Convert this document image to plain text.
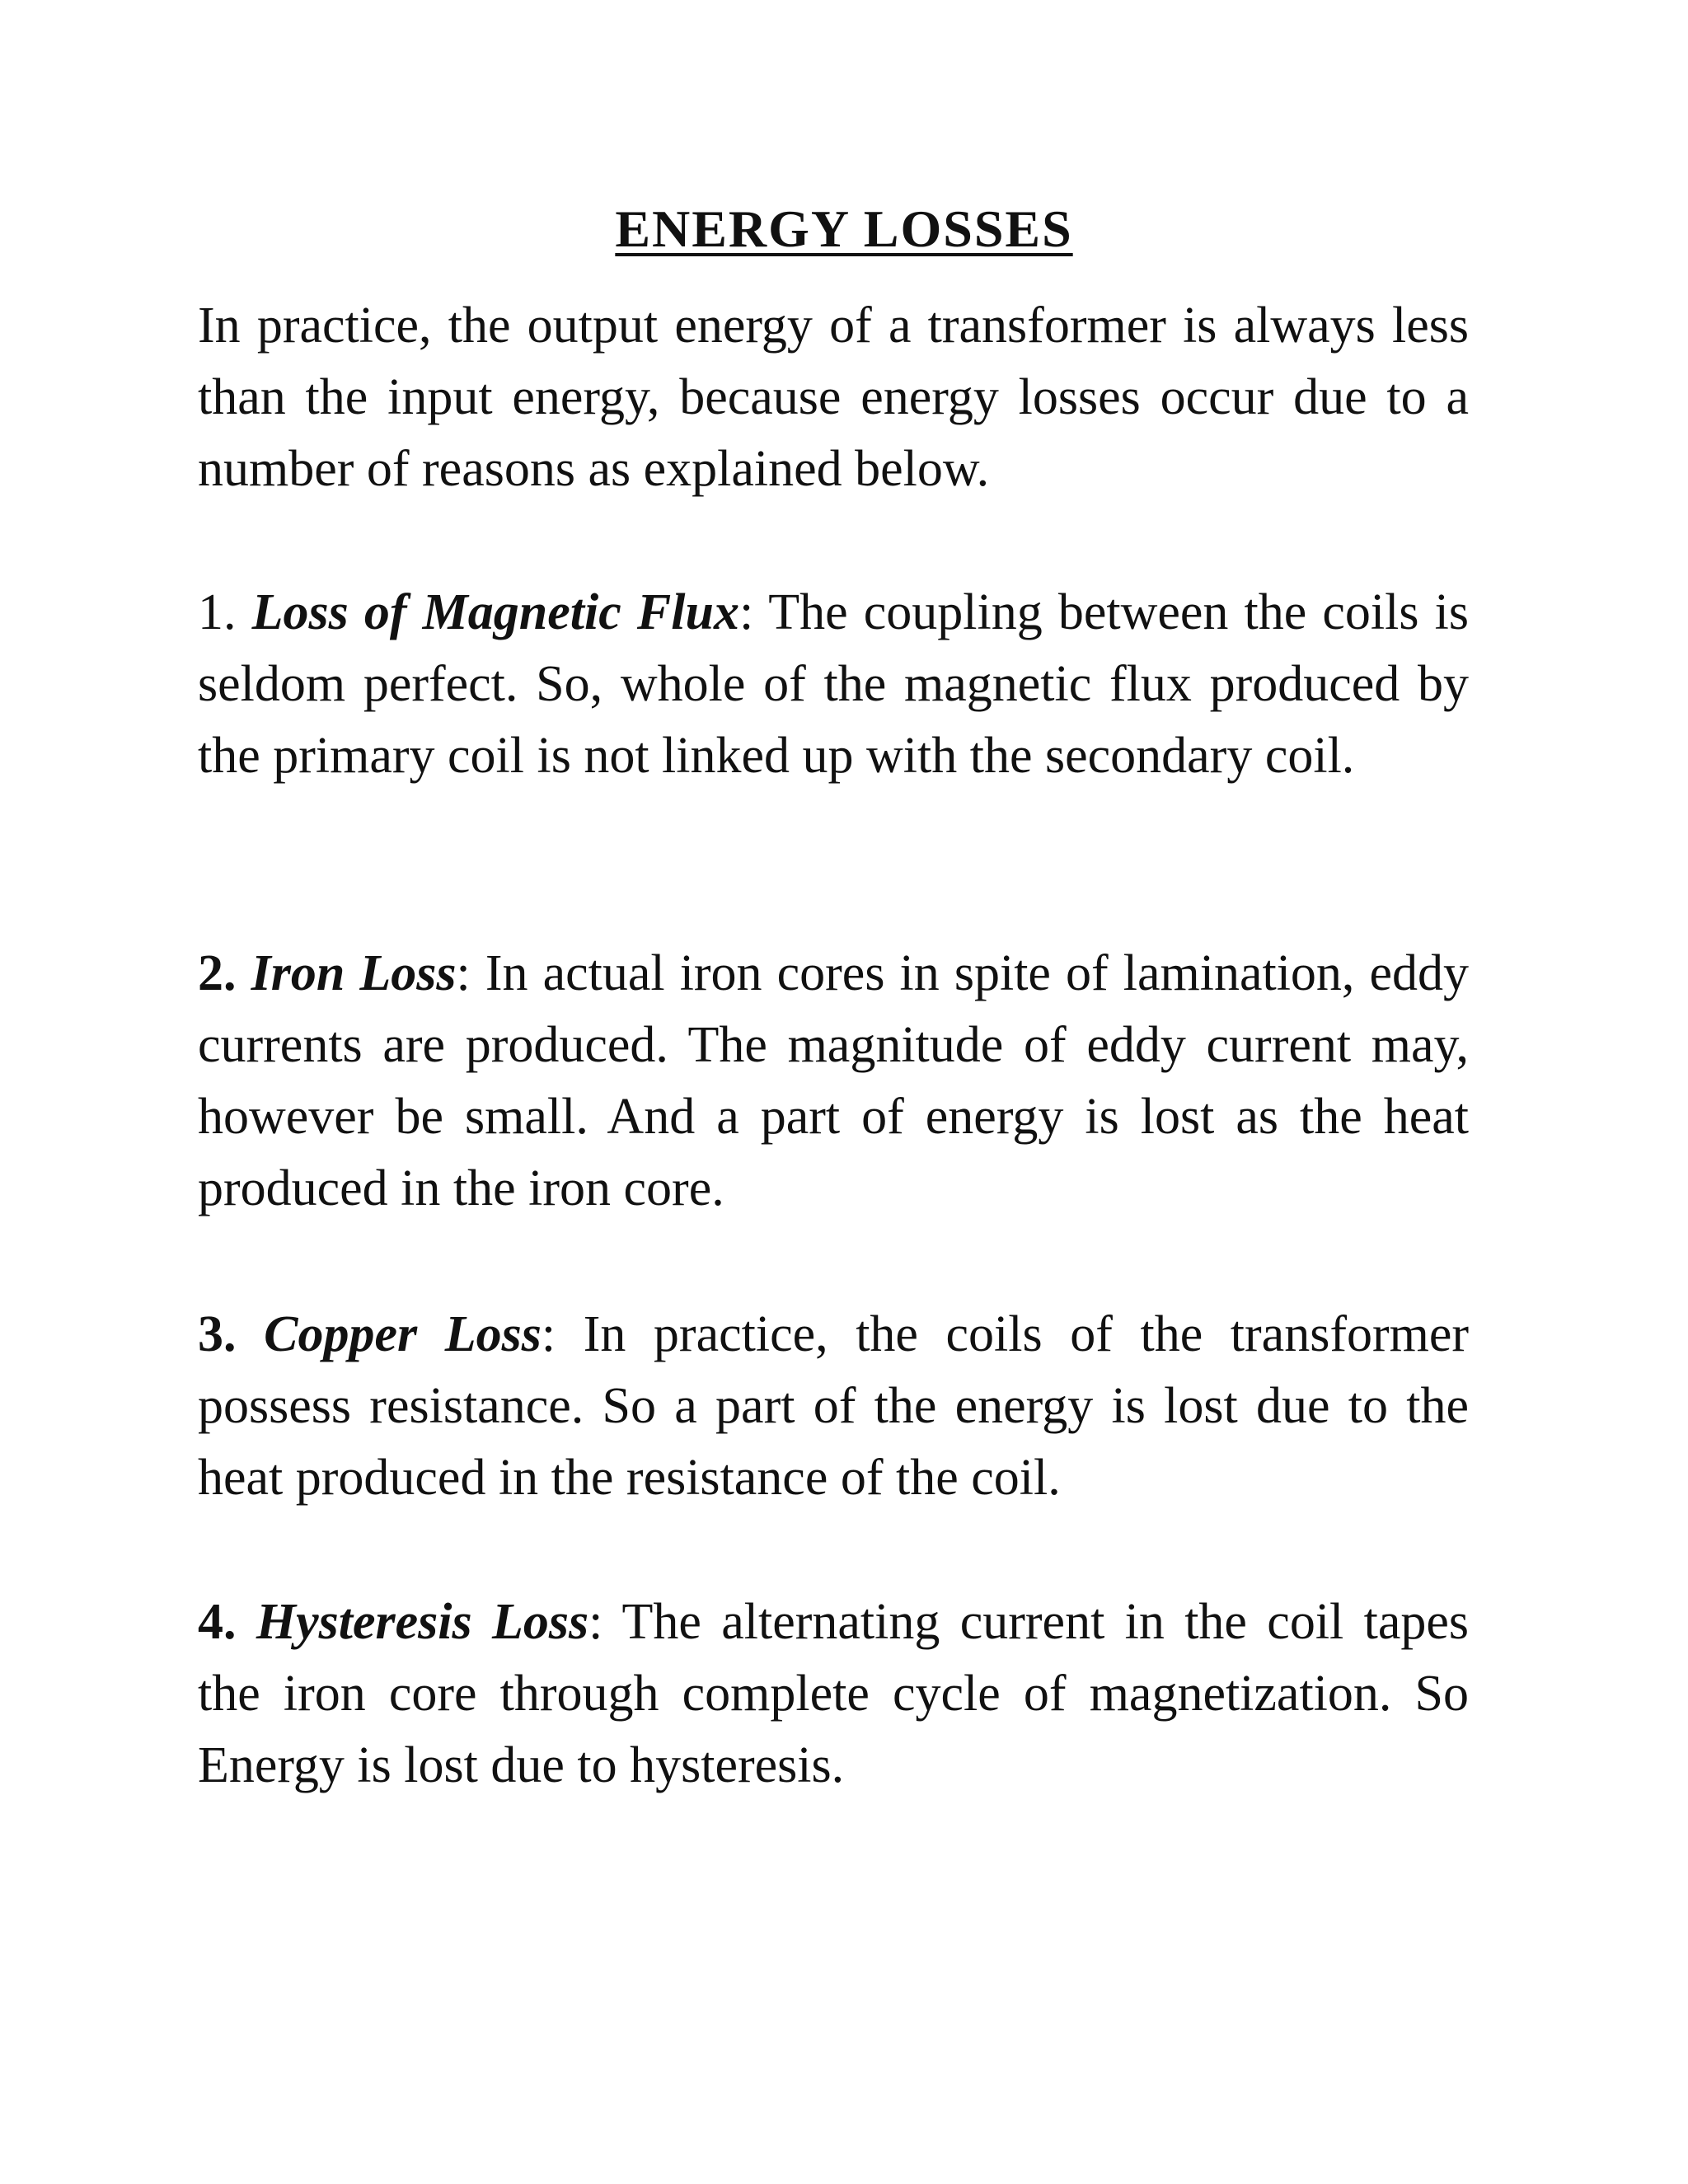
ENERGY LOSSES

In practice, the output energy of a transformer is always less than the input energy, because energy losses occur due to a number of reasons as explained below.

1. Loss of Magnetic Flux: The coupling between the coils is seldom perfect. So, whole of the magnetic flux produced by the primary coil is not linked up with the secondary coil.

2. Iron Loss: In actual iron cores in spite of lamination, eddy currents are produced. The magnitude of eddy current may, however be small. And a part of energy is lost as the heat produced in the iron core.

3. Copper Loss: In practice, the coils of the transformer possess resistance. So a part of the energy is lost due to the heat produced in the resistance of the coil.

4. Hysteresis Loss: The alternating current in the coil tapes the iron core through complete cycle of magnetization. So Energy is lost due to hysteresis.
